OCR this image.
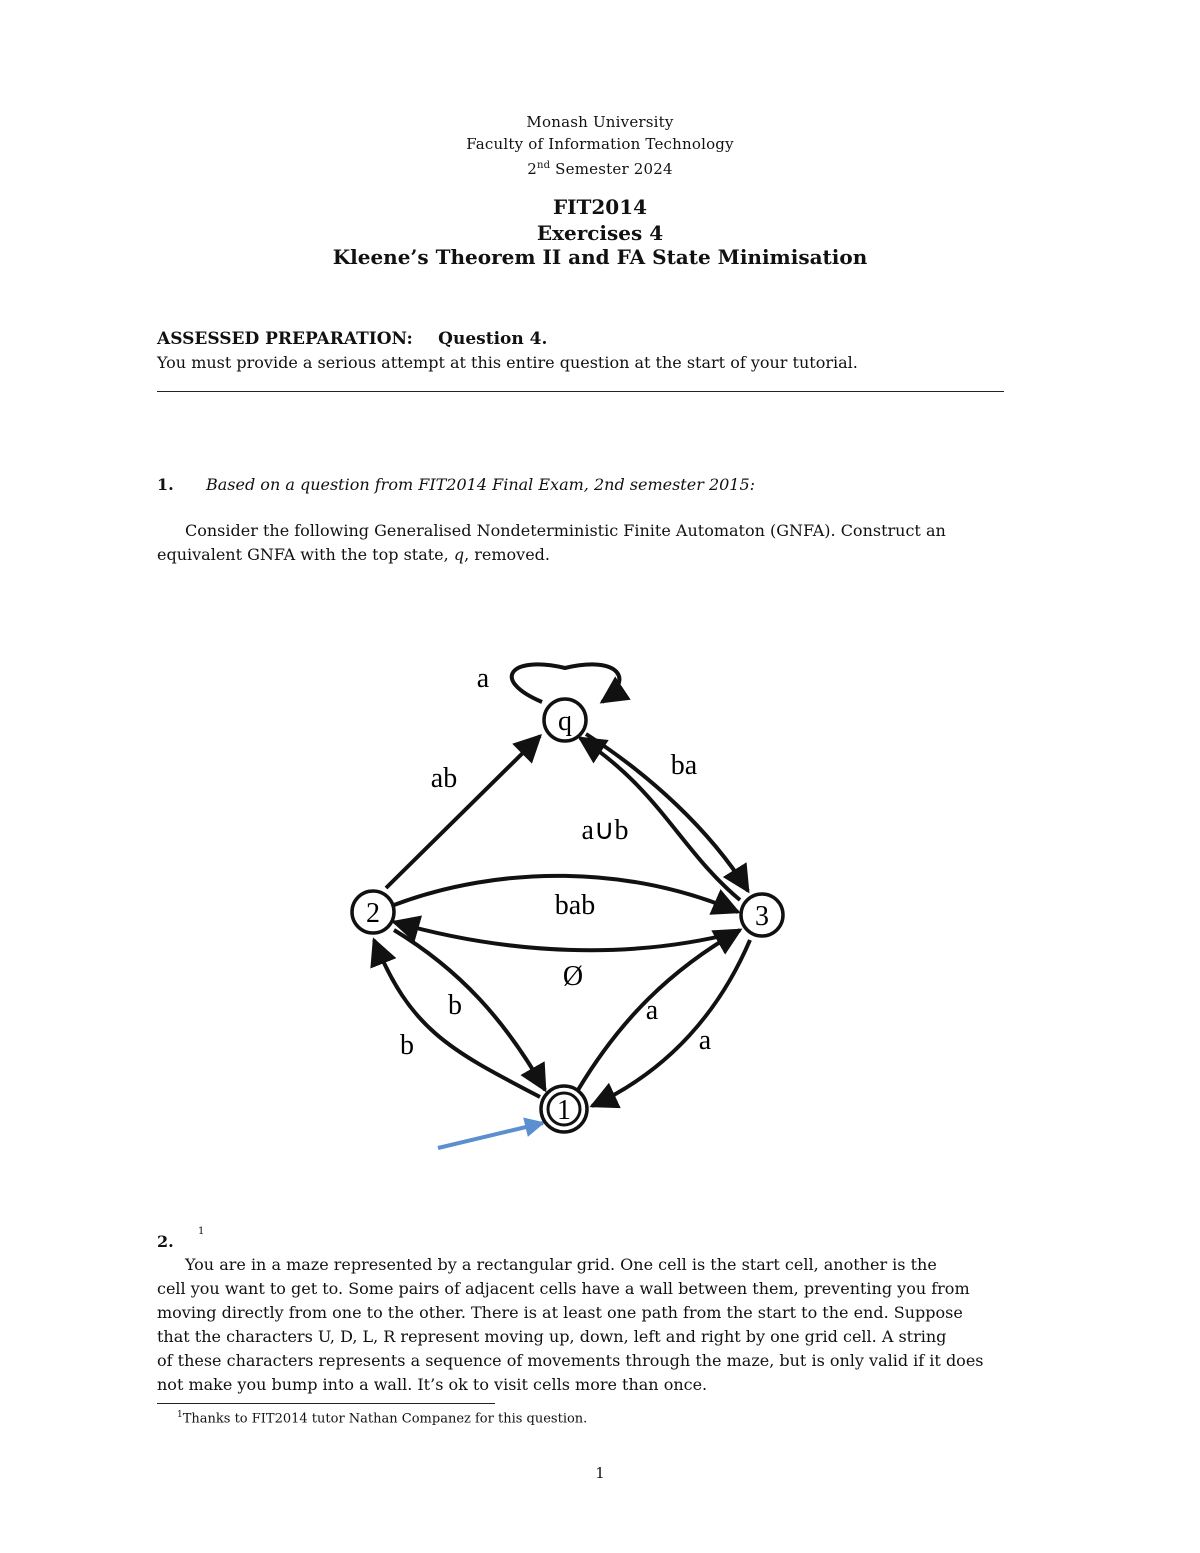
Monash University
Faculty of Information Technology
2nd Semester 2024
FIT2014
Exercises 4
Kleene’s Theorem II and FA State Minimisation
ASSESSED PREPARATION: Question 4.
You must provide a serious attempt at this entire question at the start of your tutorial.
1. Based on a question from FIT2014 Final Exam, 2nd semester 2015:
Consider the following Generalised Nondeterministic Finite Automaton (GNFA). Construct an
equivalent GNFA with the top state, q, removed.
q
2	3
1
a
ab	ba
a∪b
bab
Ø
b
b
a
a
2.
1
You are in a maze represented by a rectangular grid. One cell is the start cell, another is the
cell you want to get to. Some pairs of adjacent cells have a wall between them, preventing you from
moving directly from one to the other. There is at least one path from the start to the end. Suppose
that the characters U, D, L, R represent moving up, down, left and right by one grid cell. A string
of these characters represents a sequence of movements through the maze, but is only valid if it does
not make you bump into a wall. It’s ok to visit cells more than once.
$^1$Thanks to FIT2014 tutor Nathan Companez for this question.
1
